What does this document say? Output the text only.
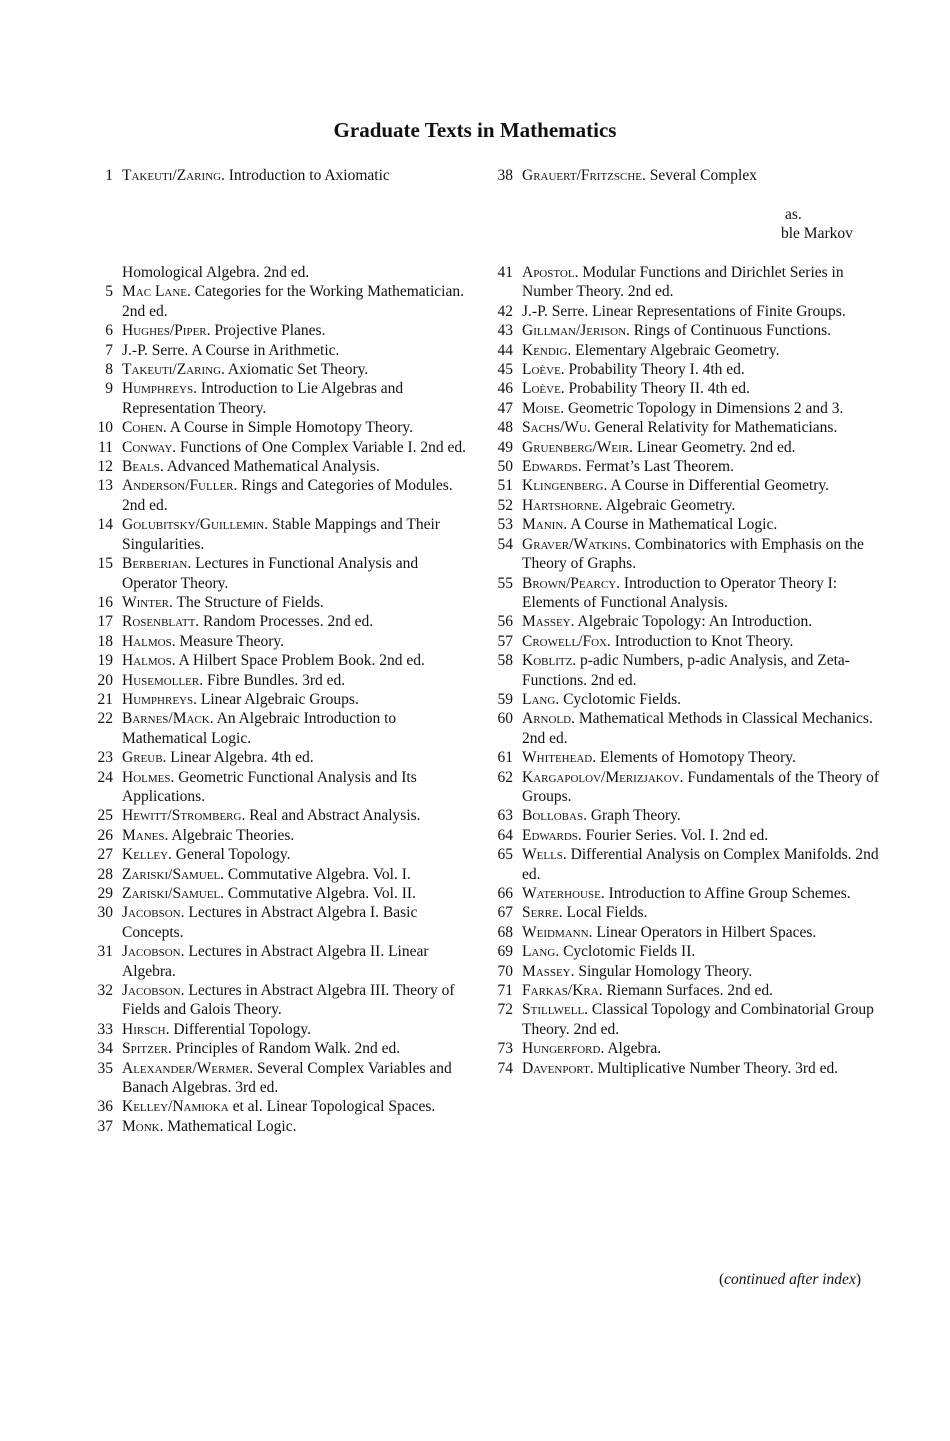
Graduate Texts in Mathematics
1 Takeuti/Zaring. Introduction to Axiomatic	38 Grauert/Fritzsche. Several Complex
as.
ble Markov
Homological Algebra. 2nd ed.
5 Mac Lane. Categories for the Working Mathematician. 2nd ed.
6 Hughes/Piper. Projective Planes.
7 J.-P. Serre. A Course in Arithmetic.
8 Takeuti/Zaring. Axiomatic Set Theory.
9 Humphreys. Introduction to Lie Algebras and Representation Theory.
10 Cohen. A Course in Simple Homotopy Theory.
11 Conway. Functions of One Complex Variable I. 2nd ed.
12 Beals. Advanced Mathematical Analysis.
13 Anderson/Fuller. Rings and Categories of Modules. 2nd ed.
14 Golubitsky/Guillemin. Stable Mappings and Their Singularities.
15 Berberian. Lectures in Functional Analysis and Operator Theory.
16 Winter. The Structure of Fields.
17 Rosenblatt. Random Processes. 2nd ed.
18 Halmos. Measure Theory.
19 Halmos. A Hilbert Space Problem Book. 2nd ed.
20 Husemoller. Fibre Bundles. 3rd ed.
21 Humphreys. Linear Algebraic Groups.
22 Barnes/Mack. An Algebraic Introduction to Mathematical Logic.
23 Greub. Linear Algebra. 4th ed.
24 Holmes. Geometric Functional Analysis and Its Applications.
25 Hewitt/Stromberg. Real and Abstract Analysis.
26 Manes. Algebraic Theories.
27 Kelley. General Topology.
28 Zariski/Samuel. Commutative Algebra. Vol. I.
29 Zariski/Samuel. Commutative Algebra. Vol. II.
30 Jacobson. Lectures in Abstract Algebra I. Basic Concepts.
31 Jacobson. Lectures in Abstract Algebra II. Linear Algebra.
32 Jacobson. Lectures in Abstract Algebra III. Theory of Fields and Galois Theory.
33 Hirsch. Differential Topology.
34 Spitzer. Principles of Random Walk. 2nd ed.
35 Alexander/Wermer. Several Complex Variables and Banach Algebras. 3rd ed.
36 Kelley/Namioka et al. Linear Topological Spaces.
37 Monk. Mathematical Logic.
41 Apostol. Modular Functions and Dirichlet Series in Number Theory. 2nd ed.
42 J.-P. Serre. Linear Representations of Finite Groups.
43 Gillman/Jerison. Rings of Continuous Functions.
44 Kendig. Elementary Algebraic Geometry.
45 Loève. Probability Theory I. 4th ed.
46 Loève. Probability Theory II. 4th ed.
47 Moise. Geometric Topology in Dimensions 2 and 3.
48 Sachs/Wu. General Relativity for Mathematicians.
49 Gruenberg/Weir. Linear Geometry. 2nd ed.
50 Edwards. Fermat’s Last Theorem.
51 Klingenberg. A Course in Differential Geometry.
52 Hartshorne. Algebraic Geometry.
53 Manin. A Course in Mathematical Logic.
54 Graver/Watkins. Combinatorics with Emphasis on the Theory of Graphs.
55 Brown/Pearcy. Introduction to Operator Theory I: Elements of Functional Analysis.
56 Massey. Algebraic Topology: An Introduction.
57 Crowell/Fox. Introduction to Knot Theory.
58 Koblitz. p-adic Numbers, p-adic Analysis, and Zeta-Functions. 2nd ed.
59 Lang. Cyclotomic Fields.
60 Arnold. Mathematical Methods in Classical Mechanics. 2nd ed.
61 Whitehead. Elements of Homotopy Theory.
62 Kargapolov/Merizjakov. Fundamentals of the Theory of Groups.
63 Bollobas. Graph Theory.
64 Edwards. Fourier Series. Vol. I. 2nd ed.
65 Wells. Differential Analysis on Complex Manifolds. 2nd ed.
66 Waterhouse. Introduction to Affine Group Schemes.
67 Serre. Local Fields.
68 Weidmann. Linear Operators in Hilbert Spaces.
69 Lang. Cyclotomic Fields II.
70 Massey. Singular Homology Theory.
71 Farkas/Kra. Riemann Surfaces. 2nd ed.
72 Stillwell. Classical Topology and Combinatorial Group Theory. 2nd ed.
73 Hungerford. Algebra.
74 Davenport. Multiplicative Number Theory. 3rd ed.
(continued after index)
